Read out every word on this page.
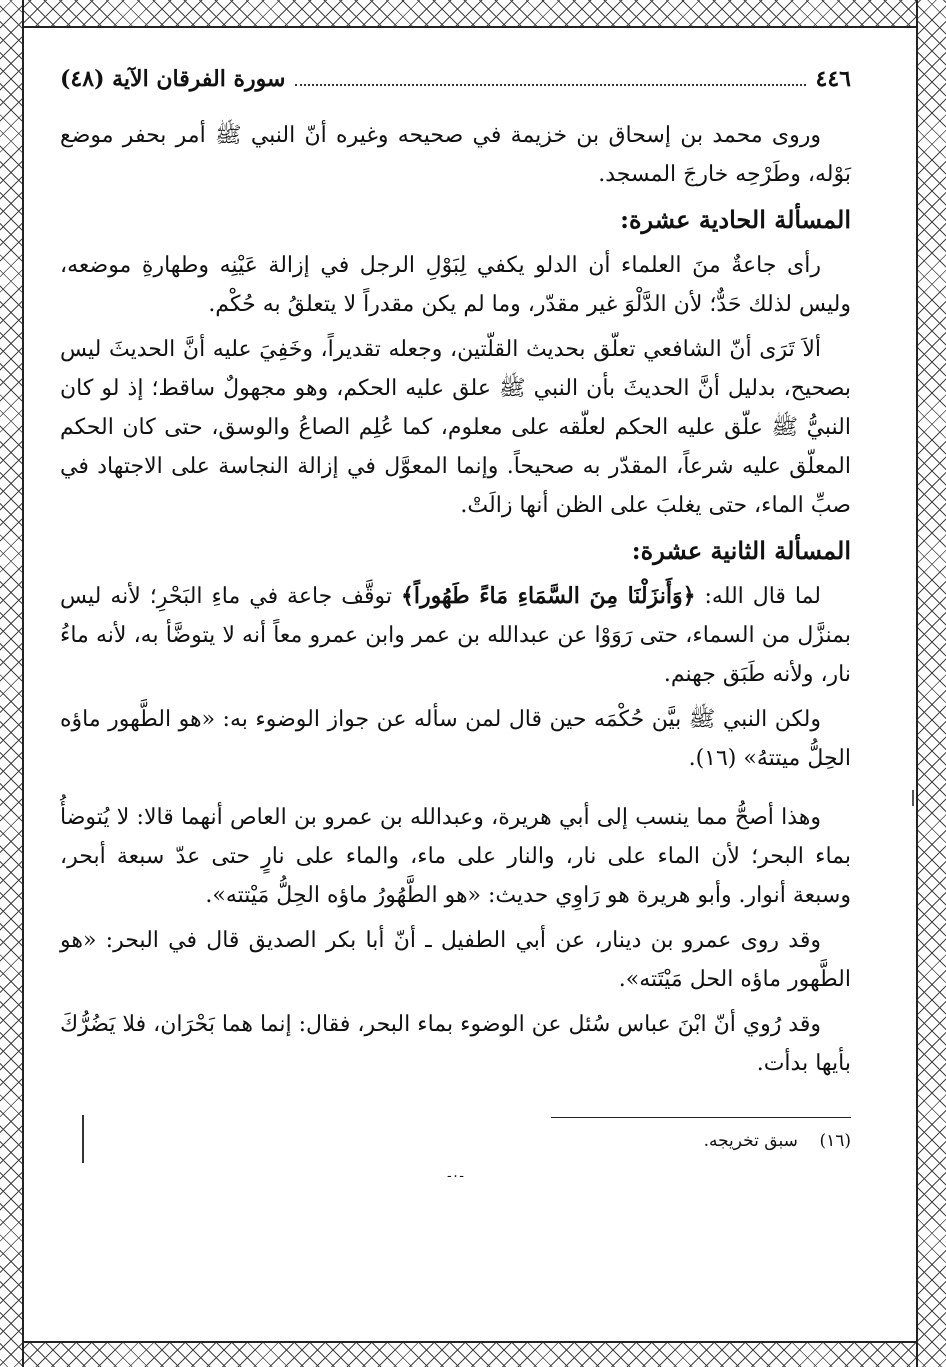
٤٤٦
سورة الفرقان الآية (٤٨)

وروى محمد بن إسحاق بن خزيمة في صحيحه وغيره أنّ النبي ﷺ أمر بحفر موضع بَوْله، وطَرْحِه خارجَ المسجد.

المسألة الحادية عشرة:

رأى جاعةٌ منَ العلماء أن الدلو يكفي لِبَوْلِ الرجل في إزالة عَيْنِه وطهارةِ موضعه، وليس لذلك حَدٌّ؛ لأن الدَّلْوَ غير مقدّر، وما لم يكن مقدراً لا يتعلقُ به حُكْم.

ألاَ تَرَى أنّ الشافعي تعلّق بحديث القلّتين، وجعله تقديراً، وخَفِيَ عليه أنَّ الحديثَ ليس بصحيح، بدليل أنَّ الحديثَ بأن النبي ﷺ علق عليه الحكم، وهو مجهولٌ ساقط؛ إذ لو كان النبيُّ ﷺ علّق عليه الحكم لعلّقه على معلوم، كما عُلِم الصاعُ والوسق، حتى كان الحكم المعلّق عليه شرعاً، المقدّر به صحيحاً. وإنما المعوَّل في إزالة النجاسة على الاجتهاد في صبِّ الماء، حتى يغلبَ على الظن أنها زالَتْ.

المسألة الثانية عشرة:

لما قال الله: ﴿وَأَنزَلْنَا مِنَ السَّمَاءِ مَاءً طَهُوراً﴾ توقَّف جاعة في ماءِ البَحْرِ؛ لأنه ليس بمنزَّل من السماء، حتى رَوَوْا عن عبدالله بن عمر وابن عمرو معاً أنه لا يتوضَّأ به، لأنه ماءُ نار، ولأنه طَبَق جهنم.

ولكن النبي ﷺ بيَّن حُكْمَه حين قال لمن سأله عن جواز الوضوء به: «هو الطَّهور ماؤه الحِلُّ ميتتهُ» (١٦).

وهذا أصحُّ مما ينسب إلى أبي هريرة، وعبدالله بن عمرو بن العاص أنهما قالا: لا يُتوضأُ بماء البحر؛ لأن الماء على نار، والنار على ماء، والماء على نارٍ حتى عدّ سبعة أبحر، وسبعة أنوار. وأبو هريرة هو رَاوِي حديث: «هو الطَّهُورُ ماؤه الحِلُّ مَيْتته».

وقد روى عمرو بن دينار، عن أبي الطفيل ـ أنّ أبا بكر الصديق قال في البحر: «هو الطَّهور ماؤه الحل مَيْتَته».

وقد رُوي أنّ ابْنَ عباس سُئل عن الوضوء بماء البحر، فقال: إنما هما بَحْرَان، فلا يَضُرُّكَ بأيها بدأت.

(١٦)    سبق تخريجه.
-٠-
